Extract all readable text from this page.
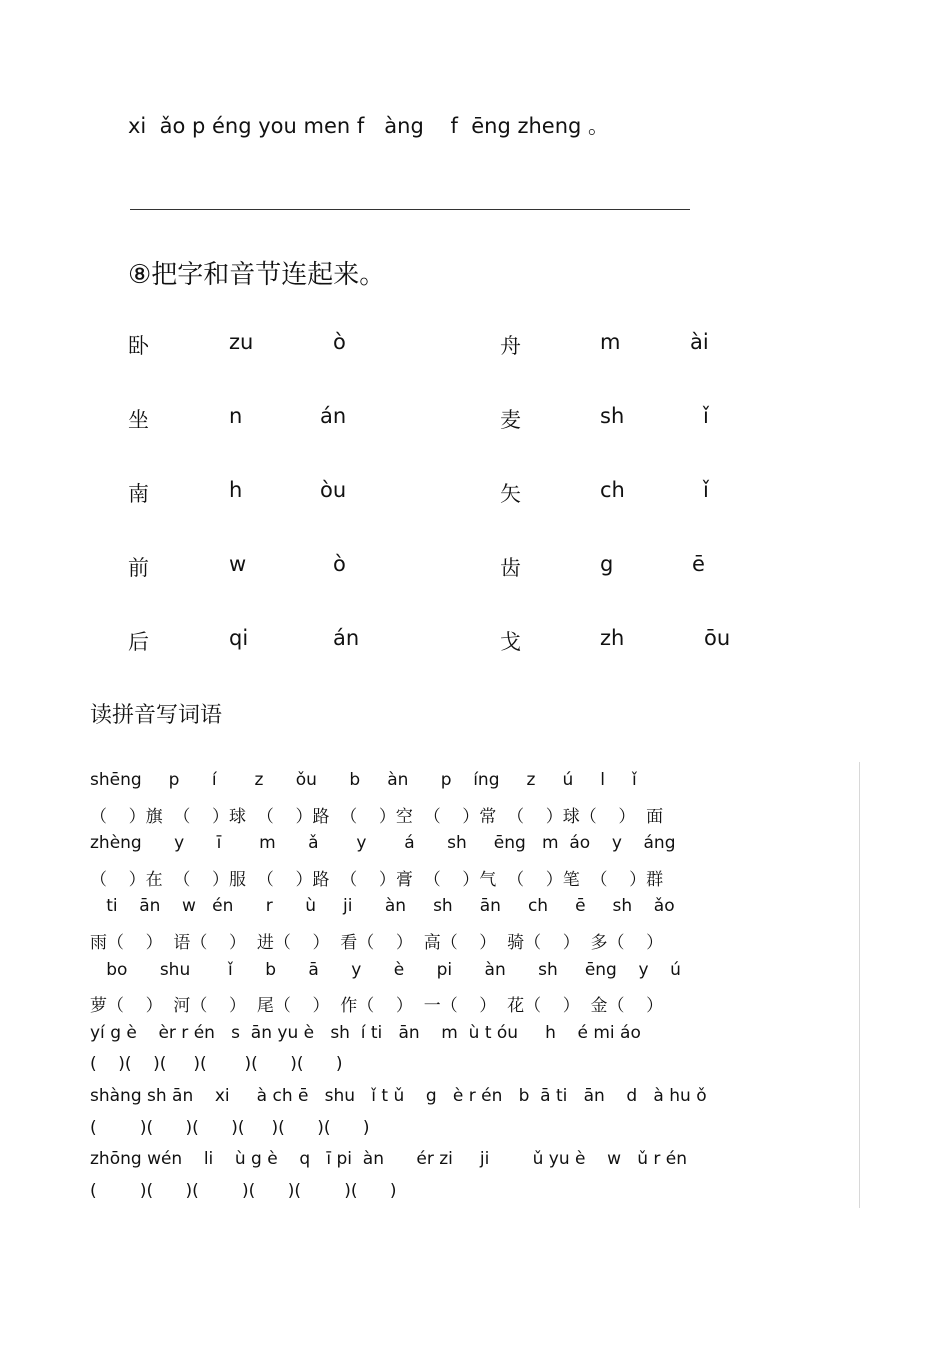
xi  ǎo p éng you men f   àng    f  ēng zheng 。
⑧把字和音节连起来。
卧	zu	ò	舟	m	ài
坐	n	án	麦	sh	ǐ
南	h	òu	矢	ch	ǐ
前	w	ò	齿	g	ē
后	qi	án	戈	zh	ōu
读拼音写词语
shēng     p      í       z      ǒu      b     àn      p    íng     z     ú     l     ǐ
（    ）旗  （    ）球  （    ）路  （    ）空  （    ）常  （    ）球（    ）  面
zhèng      y      ī       m      ǎ       y       á      sh     ēng   m  áo    y    áng
（    ）在  （    ）服  （    ）路  （    ）膏  （    ）气  （    ）笔  （    ）群
ti    ān    w   én      r      ù     ji      àn     sh     ān     ch     ē     sh    ǎo
雨（    ）  语（    ）  进（    ）  看（    ）  高（    ）  骑（    ）  多（    ）
bo      shu       ǐ      b      ā      y      è      pi      àn      sh     ēng    y    ú
萝（    ）  河（    ）  尾（    ）  作（    ）  一（    ）  花（    ）  金（    ）
yí g è    èr r én   s  ān yu è   sh  í ti   ān    m  ù t óu     h    é mi áo
(    )(    )(     )(       )(      )(      )
shàng sh ān    xi     à ch ē   shu   ǐ t ǔ    g   è r én   b  ā ti   ān    d   à hu ǒ
(        )(      )(      )(     )(      )(      )
zhōng wén    li    ù g è    q   ī pi  àn      ér zi     ji        ǔ yu è    w   ǔ r én
(        )(      )(        )(      )(        )(      )
